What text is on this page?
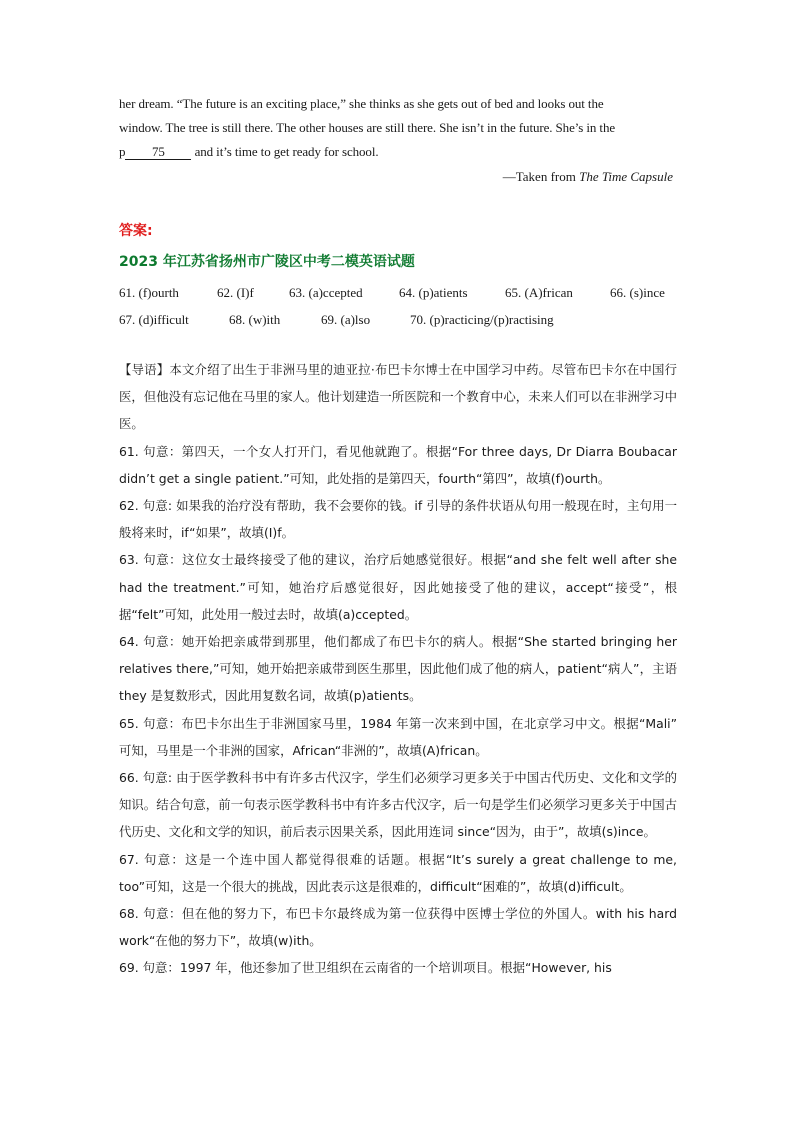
her dream. “The future is an exciting place,” she thinks as she gets out of bed and looks out the
window. The tree is still there. The other houses are still there. She isn’t in the future. She’s in the
p 75 and it’s time to get ready for school.
—Taken from The Time Capsule
答案:
2023 年江苏省扬州市广陵区中考二模英语试题
61. (f)ourth	62. (I)f	63. (a)ccepted	64. (p)atients	65. (A)frican	66. (s)ince
67. (d)ifficult	68. (w)ith	69. (a)lso	70. (p)racticing/(p)ractising

【导语】本文介绍了出生于非洲马里的迪亚拉·布巴卡尔博士在中国学习中药。尽管布巴卡尔在中国行医，但他没有忘记他在马里的家人。他计划建造一所医院和一个教育中心，未来人们可以在非洲学习中医。

61. 句意：第四天，一个女人打开门，看见他就跑了。根据“For three days, Dr Diarra Boubacar didn’t get a single patient.”可知，此处指的是第四天，fourth“第四”，故填(f)ourth。

62. 句意: 如果我的治疗没有帮助，我不会要你的钱。if 引导的条件状语从句用一般现在时，主句用一般将来时，if“如果”，故填(I)f。

63. 句意：这位女士最终接受了他的建议，治疗后她感觉很好。根据“and she felt well after she had the treatment.”可知，她治疗后感觉很好，因此她接受了他的建议，accept“接受”，根据“felt”可知，此处用一般过去时，故填(a)ccepted。

64. 句意：她开始把亲戚带到那里，他们都成了布巴卡尔的病人。根据“She started bringing her relatives there,”可知，她开始把亲戚带到医生那里，因此他们成了他的病人，patient“病人”，主语 they 是复数形式，因此用复数名词，故填(p)atients。

65. 句意：布巴卡尔出生于非洲国家马里，1984 年第一次来到中国，在北京学习中文。根据“Mali” 可知，马里是一个非洲的国家，African“非洲的”，故填(A)frican。

66. 句意: 由于医学教科书中有许多古代汉字，学生们必须学习更多关于中国古代历史、文化和文学的知识。结合句意，前一句表示医学教科书中有许多古代汉字，后一句是学生们必须学习更多关于中国古代历史、文化和文学的知识，前后表示因果关系，因此用连词 since“因为，由于”，故填(s)ince。

67. 句意：这是一个连中国人都觉得很难的话题。根据“It’s surely a great challenge to me, too”可知，这是一个很大的挑战，因此表示这是很难的，difficult“困难的”，故填(d)ifficult。

68. 句意：但在他的努力下，布巴卡尔最终成为第一位获得中医博士学位的外国人。with his hard work“在他的努力下”，故填(w)ith。

69. 句意：1997 年，他还参加了世卫组织在云南省的一个培训项目。根据“However, his
